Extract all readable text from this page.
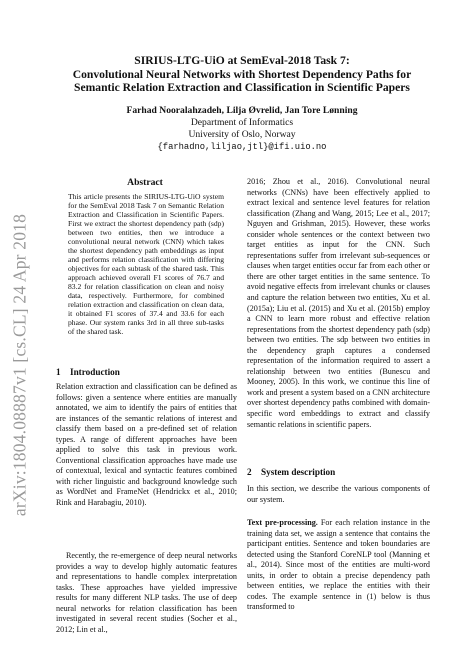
arXiv:1804.08887v1 [cs.CL] 24 Apr 2018
SIRIUS-LTG-UiO at SemEval-2018 Task 7:
Convolutional Neural Networks with Shortest Dependency Paths for
Semantic Relation Extraction and Classification in Scientific Papers
Farhad Nooralahzadeh, Lilja Øvrelid, Jan Tore Lønning
Department of Informatics
University of Oslo, Norway
{farhadno,liljao,jtl}@ifi.uio.no
Abstract
This article presents the SIRIUS-LTG-UiO system for the SemEval 2018 Task 7 on Semantic Relation Extraction and Classification in Scientific Papers. First we extract the shortest dependency path (sdp) between two entities, then we introduce a convolutional neural network (CNN) which takes the shortest dependency path embeddings as input and performs relation classification with differing objectives for each subtask of the shared task. This approach achieved overall F1 scores of 76.7 and 83.2 for relation classification on clean and noisy data, respectively. Furthermore, for combined relation extraction and classification on clean data, it obtained F1 scores of 37.4 and 33.6 for each phase. Our system ranks 3rd in all three sub-tasks of the shared task.
1 Introduction
Relation extraction and classification can be defined as follows: given a sentence where entities are manually annotated, we aim to identify the pairs of entities that are instances of the semantic relations of interest and classify them based on a pre-defined set of relation types. A range of different approaches have been applied to solve this task in previous work. Conventional classification approaches have made use of contextual, lexical and syntactic features combined with richer linguistic and background knowledge such as WordNet and FrameNet (Hendrickx et al., 2010; Rink and Harabagiu, 2010).
Recently, the re-emergence of deep neural networks provides a way to develop highly automatic features and representations to handle complex interpretation tasks. These approaches have yielded impressive results for many different NLP tasks. The use of deep neural networks for relation classification has been investigated in several recent studies (Socher et al., 2012; Lin et al.,
2016; Zhou et al., 2016). Convolutional neural networks (CNNs) have been effectively applied to extract lexical and sentence level features for relation classification (Zhang and Wang, 2015; Lee et al., 2017; Nguyen and Grishman, 2015). However, these works consider whole sentences or the context between two target entities as input for the CNN. Such representations suffer from irrelevant sub-sequences or clauses when target entities occur far from each other or there are other target entities in the same sentence. To avoid negative effects from irrelevant chunks or clauses and capture the relation between two entities, Xu et al. (2015a); Liu et al. (2015) and Xu et al. (2015b) employ a CNN to learn more robust and effective relation representations from the shortest dependency path (sdp) between two entities. The sdp between two entities in the dependency graph captures a condensed representation of the information required to assert a relationship between two entities (Bunescu and Mooney, 2005). In this work, we continue this line of work and present a system based on a CNN architecture over shortest dependency paths combined with domain-specific word embeddings to extract and classify semantic relations in scientific papers.
2 System description
In this section, we describe the various components of our system.
Text pre-processing. For each relation instance in the training data set, we assign a sentence that contains the participant entities. Sentence and token boundaries are detected using the Stanford CoreNLP tool (Manning et al., 2014). Since most of the entities are multi-word units, in order to obtain a precise dependency path between entities, we replace the entities with their codes. The example sentence in (1) below is thus transformed to
